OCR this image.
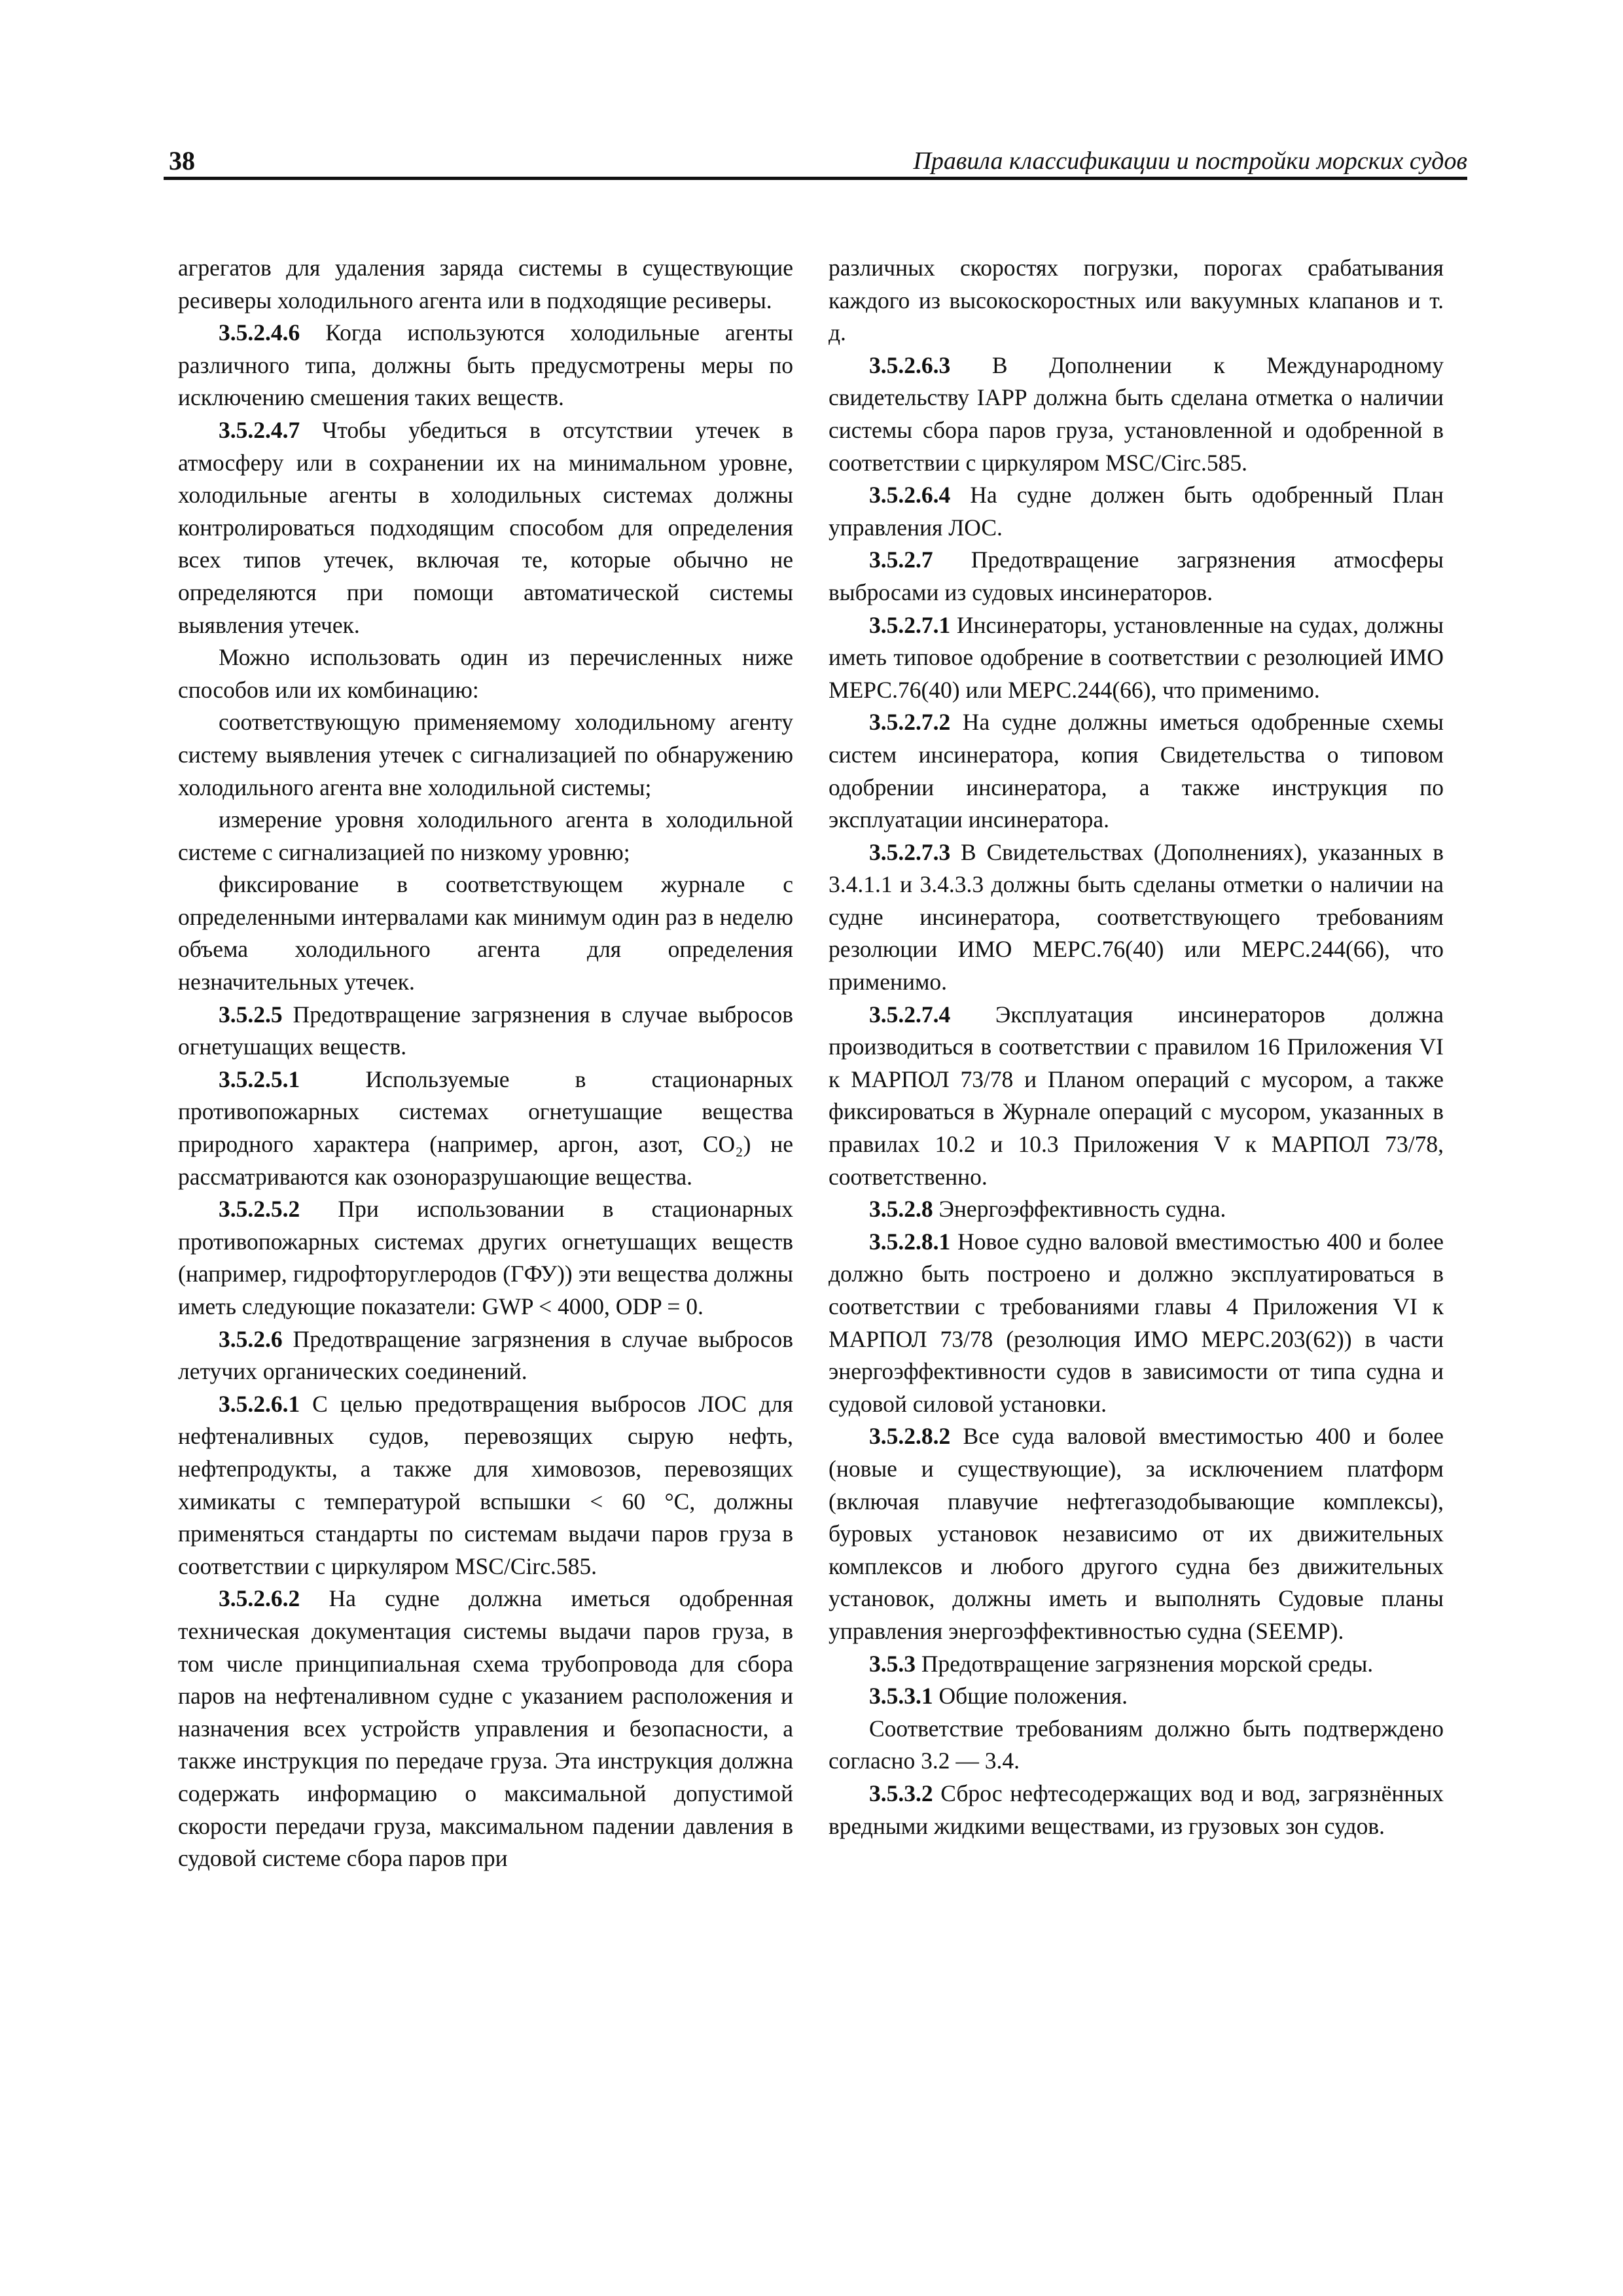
38	Правила классификации и постройки морских судов

агрегатов для удаления заряда системы в существующие ресиверы холодильного агента или в подходящие ресиверы.

3.5.2.4.6 Когда используются холодильные агенты различного типа, должны быть предусмотрены меры по исключению смешения таких веществ.

3.5.2.4.7 Чтобы убедиться в отсутствии утечек в атмосферу или в сохранении их на минимальном уровне, холодильные агенты в холодильных системах должны контролироваться подходящим способом для определения всех типов утечек, включая те, которые обычно не определяются при помощи автоматической системы выявления утечек.

Можно использовать один из перечисленных ниже способов или их комбинацию:

соответствующую применяемому холодильному агенту систему выявления утечек с сигнализацией по обнаружению холодильного агента вне холодильной системы;

измерение уровня холодильного агента в холодильной системе с сигнализацией по низкому уровню;

фиксирование в соответствующем журнале с определенными интервалами как минимум один раз в неделю объема холодильного агента для определения незначительных утечек.

3.5.2.5 Предотвращение загрязнения в случае выбросов огнетушащих веществ.

3.5.2.5.1 Используемые в стационарных противопожарных системах огнетушащие вещества природного характера (например, аргон, азот, CO₂) не рассматриваются как озоноразрушающие вещества.

3.5.2.5.2 При использовании в стационарных противопожарных системах других огнетушащих веществ (например, гидрофторуглеродов (ГФУ)) эти вещества должны иметь следующие показатели: GWP < 4000, ODP = 0.

3.5.2.6 Предотвращение загрязнения в случае выбросов летучих органических соединений.

3.5.2.6.1 С целью предотвращения выбросов ЛОС для нефтеналивных судов, перевозящих сырую нефть, нефтепродукты, а также для химовозов, перевозящих химикаты с температурой вспышки < 60 °С, должны применяться стандарты по системам выдачи паров груза в соответствии с циркуляром MSC/Circ.585.

3.5.2.6.2 На судне должна иметься одобренная техническая документация системы выдачи паров груза, в том числе принципиальная схема трубопровода для сбора паров на нефтеналивном судне с указанием расположения и назначения всех устройств управления и безопасности, а также инструкция по передаче груза. Эта инструкция должна содержать информацию о максимальной допустимой скорости передачи груза, максимальном падении давления в судовой системе сбора паров при

различных скоростях погрузки, порогах срабатывания каждого из высокоскоростных или вакуумных клапанов и т. д.

3.5.2.6.3 В Дополнении к Международному свидетельству IAPP должна быть сделана отметка о наличии системы сбора паров груза, установленной и одобренной в соответствии с циркуляром MSC/Circ.585.

3.5.2.6.4 На судне должен быть одобренный План управления ЛОС.

3.5.2.7 Предотвращение загрязнения атмосферы выбросами из судовых инсинераторов.

3.5.2.7.1 Инсинераторы, установленные на судах, должны иметь типовое одобрение в соответствии с резолюцией ИМО МЕРС.76(40) или МЕРС.244(66), что применимо.

3.5.2.7.2 На судне должны иметься одобренные схемы систем инсинератора, копия Свидетельства о типовом одобрении инсинератора, а также инструкция по эксплуатации инсинератора.

3.5.2.7.3 В Свидетельствах (Дополнениях), указанных в 3.4.1.1 и 3.4.3.3 должны быть сделаны отметки о наличии на судне инсинератора, соответствующего требованиям резолюции ИМО МЕРС.76(40) или МЕРС.244(66), что применимо.

3.5.2.7.4 Эксплуатация инсинераторов должна производиться в соответствии с правилом 16 Приложения VI к МАРПОЛ 73/78 и Планом операций с мусором, а также фиксироваться в Журнале операций с мусором, указанных в правилах 10.2 и 10.3 Приложения V к МАРПОЛ 73/78, соответственно.

3.5.2.8 Энергоэффективность судна.

3.5.2.8.1 Новое судно валовой вместимостью 400 и более должно быть построено и должно эксплуатироваться в соответствии с требованиями главы 4 Приложения VI к МАРПОЛ 73/78 (резолюция ИМО МЕРС.203(62)) в части энергоэффективности судов в зависимости от типа судна и судовой силовой установки.

3.5.2.8.2 Все суда валовой вместимостью 400 и более (новые и существующие), за исключением платформ (включая плавучие нефтегазодобывающие комплексы), буровых установок независимо от их движительных комплексов и любого другого судна без движительных установок, должны иметь и выполнять Судовые планы управления энергоэффективностью судна (SEEMP).

3.5.3 Предотвращение загрязнения морской среды.

3.5.3.1 Общие положения.

Соответствие требованиям должно быть подтверждено согласно 3.2 — 3.4.

3.5.3.2 Сброс нефтесодержащих вод и вод, загрязнённых вредными жидкими веществами, из грузовых зон судов.
